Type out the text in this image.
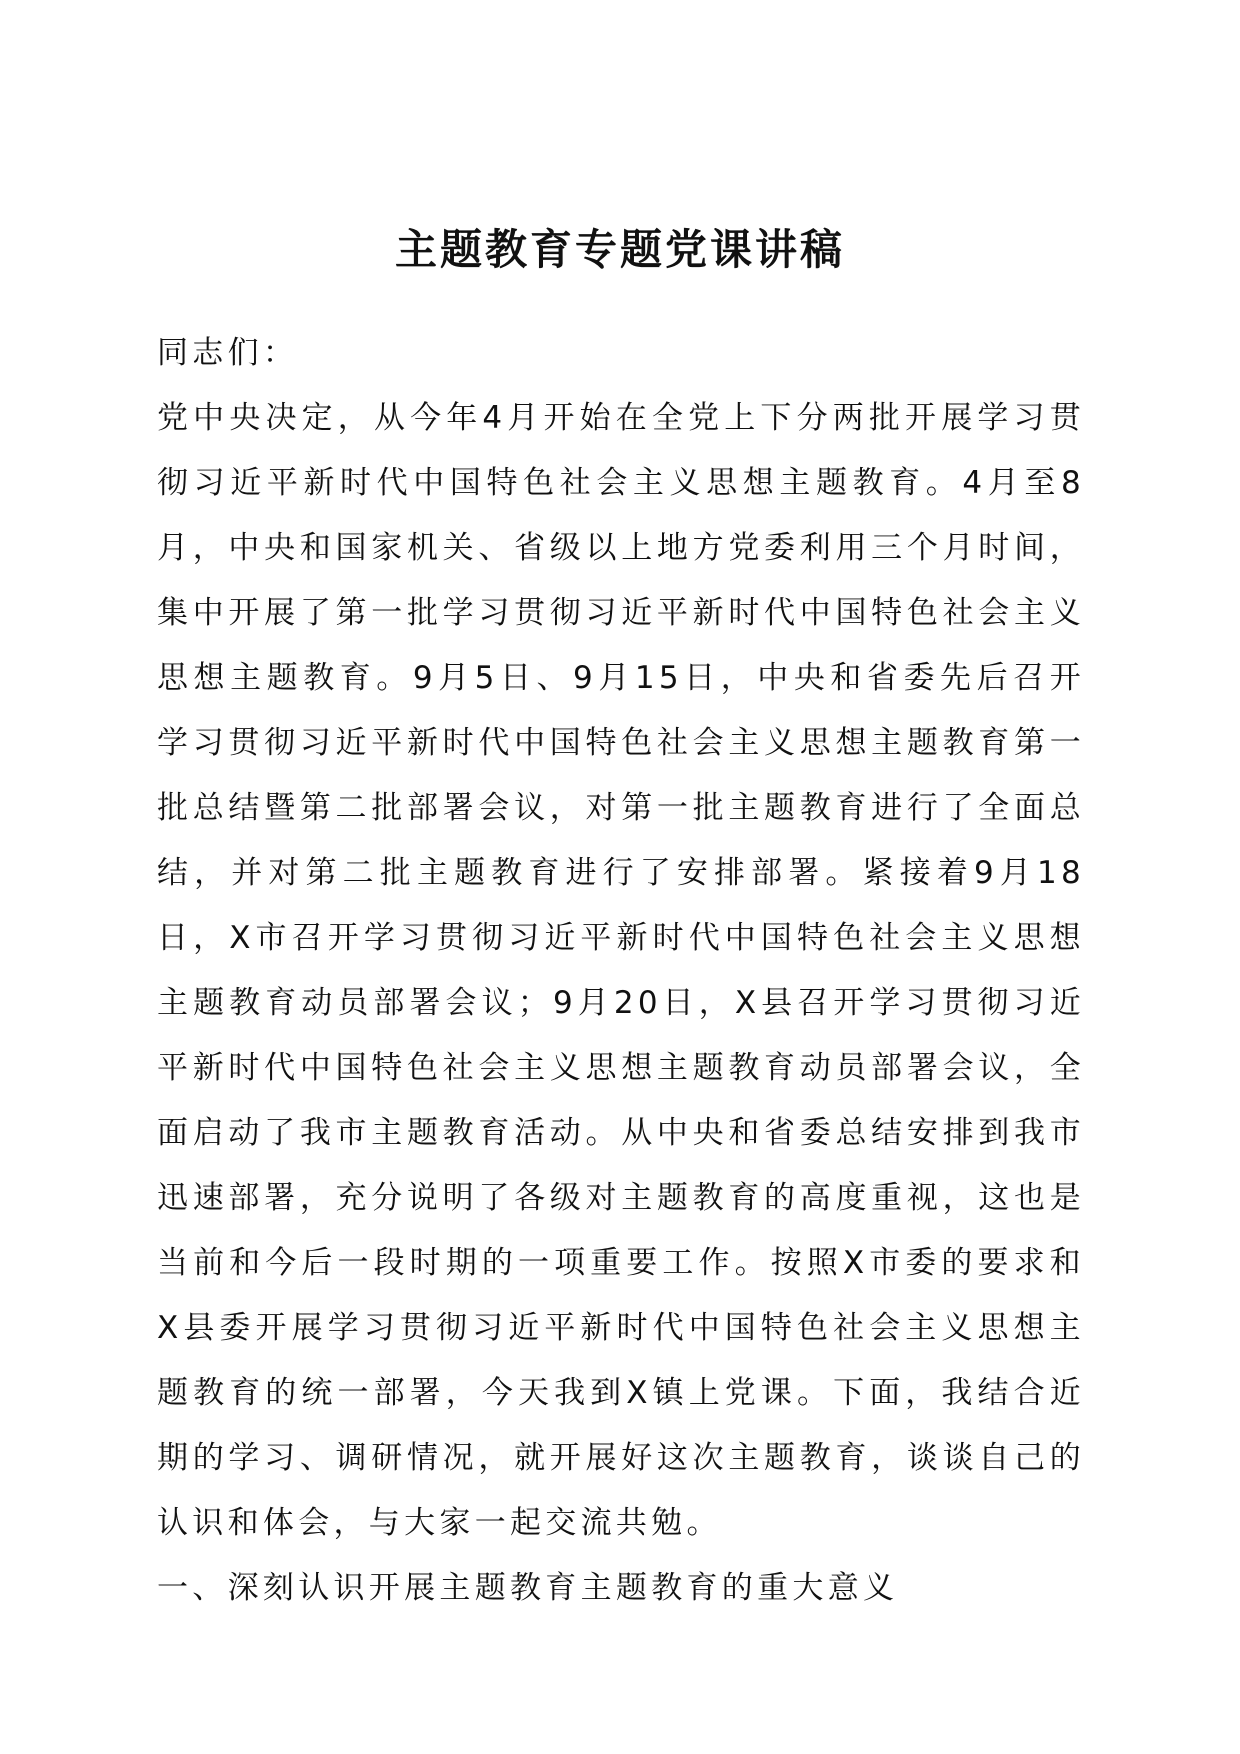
主题教育专题党课讲稿

同志们：

党中央决定，从今年4月开始在全党上下分两批开展学习贯彻习近平新时代中国特色社会主义思想主题教育。4月至8月，中央和国家机关、省级以上地方党委利用三个月时间，集中开展了第一批学习贯彻习近平新时代中国特色社会主义思想主题教育。9月5日、9月15日，中央和省委先后召开学习贯彻习近平新时代中国特色社会主义思想主题教育第一批总结暨第二批部署会议，对第一批主题教育进行了全面总结，并对第二批主题教育进行了安排部署。紧接着9月18日，X市召开学习贯彻习近平新时代中国特色社会主义思想主题教育动员部署会议；9月20日，X县召开学习贯彻习近平新时代中国特色社会主义思想主题教育动员部署会议，全面启动了我市主题教育活动。从中央和省委总结安排到我市迅速部署，充分说明了各级对主题教育的高度重视，这也是当前和今后一段时期的一项重要工作。按照X市委的要求和X县委开展学习贯彻习近平新时代中国特色社会主义思想主题教育的统一部署，今天我到X镇上党课。下面，我结合近期的学习、调研情况，就开展好这次主题教育，谈谈自己的认识和体会，与大家一起交流共勉。

一、深刻认识开展主题教育主题教育的重大意义
